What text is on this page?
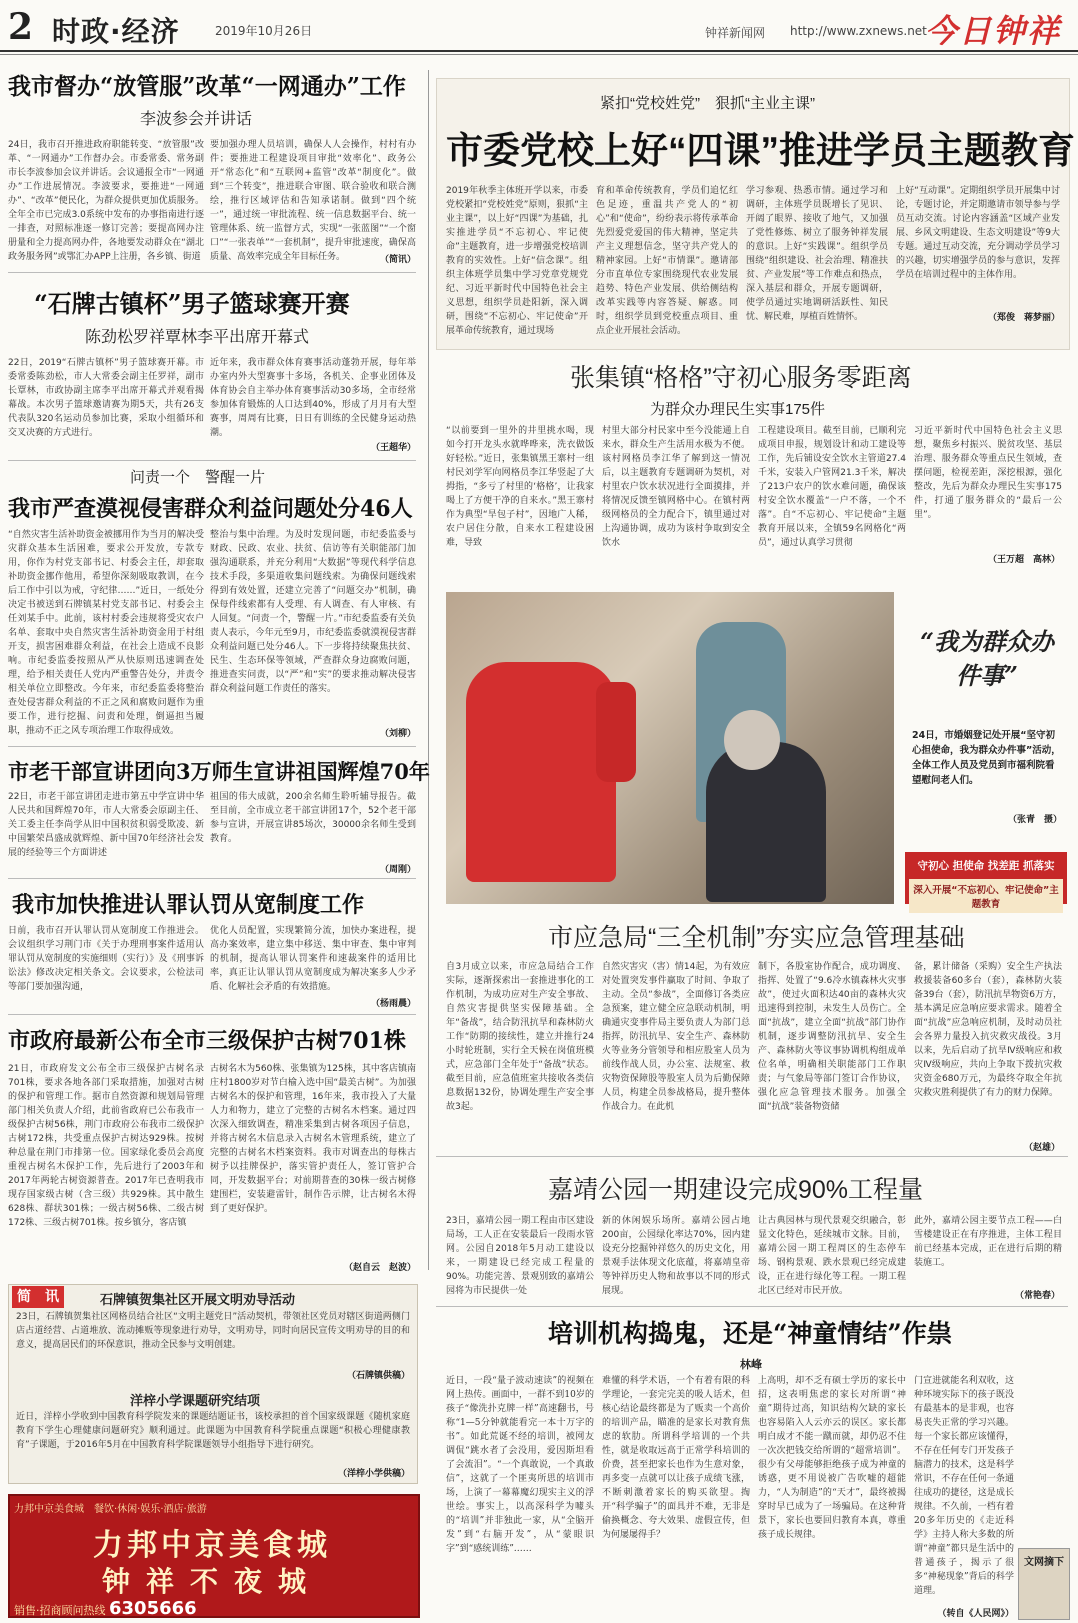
2 时政·经济	2019年10月26日	钟祥新闻网 http://www.zxnews.net
今日钟祥
我市督办“放管服”改革“一网通办”工作
李波参会并讲话
24日，我市召开推进政府职能转变、“放管服”改革、“一网通办”工作督办会。市委常委、常务副市长李波参加会议并讲话。会议通报全市“一网通办”工作进展情况。李波要求，要推进“一网通办”、“改革”便民化，为群众提供更加优质服务。全年全市已完成3.0系统中发布的办事指南进行逐一排查，对照标准逐一修订完善；要提高网办注册量和全力提高网办件，各地要发动群众在“湖北政务服务网”或鄂汇办APP上注册，各乡镇、街道
要加强办理人员培训，确保人人会操作，村村有办件；要推进工程建设项目审批“效率化”、政务公开“常态化”和“互联网+监管”改革“制度化”。做到“三个转变”，推进联合审图、联合验收和联合测绘，推行区域评估和告知承诺制。做到“四个统一”，通过统一审批流程、统一信息数据平台、统一管理体系、统一监督方式，实现“一张蓝图”“一个窗口”“一张表单”“一套机制”，提升审批速度，确保高质量、高效率完成全年目标任务。	（简讯）
“石牌古镇杯”男子篮球赛开赛
陈劲松罗祥覃林李平出席开幕式
22日，2019“石牌古镇杯”男子篮球赛开幕。市委常委陈劲松，市人大常委会副主任罗祥，副市长覃林，市政协副主席李平出席开幕式并观看揭幕战。本次男子篮球邀请赛为期5天，共有26支代表队320名运动员参加比赛，采取小组循环和交叉决赛的方式进行。
近年来，我市群众体育赛事活动蓬勃开展，每年举办室内外大型赛事十多场，各机关、企事业团体及体育协会自主举办体育赛事活动30多场，全市经常参加体育锻炼的人口达到40%，形成了月月有大型赛事，周周有比赛，日日有训练的全民健身运动热潮。
（王超华）
问责一个　警醒一片
我市严查漠视侵害群众利益问题处分46人
“自然灾害生活补助资金被挪用作为当月的解决受灾群众基本生活困难，要求公开发放，专款专用，你作为村党支部书记、村委会主任，却套取补助资金挪作他用，希望你深刻吸取教训，在今后工作中引以为戒，守纪律……”近日，一纸处分决定书被送到石牌镇某村党支部书记、村委会主任刘某手中。此前，该村村委会违规将受灾农户名单、套取中央自然灾害生活补助资金用于村组开支，损害困难群众利益，在社会上造成不良影响。市纪委监委按照从严从快原则迅速调查处理，给予相关责任人党内严重警告处分，并责令相关单位立即整改。今年来，市纪委监委将整治查处侵害群众利益的不正之风和腐败问题作为重要工作，进行挖掘、问责和处理，倒逼担当履职，推动不正之风专项治理工作取得成效。
整治与集中治理。为及时发现问题，市纪委监委与财政、民政、农业、扶贫、信访等有关职能部门加强沟通联系，并充分利用“大数据”等现代科学信息技术手段，多渠道收集问题线索。为确保问题线索得到有效处置，还建立完善了“问题交办”机制，确保每件线索都有人受理、有人调查、有人审核、有人回复。“问责一个，警醒一片。”市纪委监委有关负责人表示，今年元至9月，市纪委监委就漠视侵害群众利益问题已处分46人。下一步将持续聚焦扶贫、民生、生态环保等领域，严查群众身边腐败问题，推进查实问责，以“严”和“实”的要求推动解决侵害群众利益问题工作责任的落实。
（刘柳）
市老干部宣讲团向3万师生宣讲祖国辉煌70年
22日，市老干部宣讲团走进市第五中学宣讲中华人民共和国辉煌70年，市人大常委会原副主任、关工委主任李尚学从旧中国积贫积弱受欺凌、新中国繁荣昌盛成就辉煌、新中国70年经济社会发展的经验等三个方面讲述
祖国的伟大成就，200余名师生聆听辅导报告。截至目前，全市成立老干部宣讲团17个，52个老干部参与宣讲，开展宣讲85场次，30000余名师生受到教育。
（周刚）
我市加快推进认罪认罚从宽制度工作
日前，我市召开认罪认罚从宽制度工作推进会。会议组织学习荆门市《关于办理刑事案件适用认罪认罚从宽制度的实施细则（实行）》及《刑事诉讼法》修改决定相关条文。会议要求，公检法司等部门要加强沟通，
优化人员配置，实现繁简分流，加快办案进程，提高办案效率，建立集中移送、集中审查、集中审判的机制，提高认罪认罚案件和速裁案件的适用比率，真正让认罪认罚从宽制度成为解决案多人少矛盾、化解社会矛盾的有效措施。
（杨雨晨）
市政府最新公布全市三级保护古树701株
21日，市政府发文公布全市三级保护古树名录701株，要求各地各部门采取措施，加强对古树的保护和管理工作。据市自然资源和规划局管理部门相关负责人介绍，此前省政府已公布我市一级保护古树56株，荆门市政府公布我市二级保护古树172株，共受重点保护古树达929株。按树种总量在荆门市排第一位。国家绿化委员会高度重视古树名木保护工作，先后进行了2003年和2017年两轮古树资源普查。2017年已查明我市现存国家级古树（含三级）共929株。其中散生628株、群状301株；一级古树56株、二级古树172株、三级古树701株。按乡镇分，客店镇
古树名木为560株、张集镇为125株，其中客店镇南庄村1800岁对节白榆入选中国“最美古树”。为加强古树名木的保护和管理，16年来，我市投入了大量人力和物力，建立了完整的古树名木档案。通过四次深入细致调查，精准采集到古树各项因子信息，并将古树名木信息录入古树名木管理系统，建立了完整的古树名木档案资料。我市对调查出的每株古树予以挂牌保护，落实管护责任人，签订管护合同，开发数据平台；对前期普查的30株一级古树修建围栏，安装避雷针，制作告示牌，让古树名木得到了更好保护。
（赵自云　赵波）
简　讯	石牌镇贺集社区开展文明劝导活动
23日，石牌镇贺集社区网格员结合社区“文明主题党日”活动契机，带领社区党员对辖区街道两侧门店占道经营、占道堆放、流动摊贩等现象进行劝导，文明劝导，同时向居民宣传文明劝导的目的和意义，提高居民们的环保意识，推动全民参与文明创建。
（石牌镇供稿）
洋梓小学课题研究结项
近日，洋梓小学收到中国教育科学院发来的课题结题证书，该校承担的首个国家级课题《随机家庭教育下学生心理健康问题研究》顺利通过。此课题为中国教育科学院重点课题“积极心理健康教育”子课题，于2016年5月在中国教育科学院课题领导小组指导下进行研究。
（洋梓小学供稿）
力邦中京美食城　餐饮·休闲·娱乐·酒店·旅游
力邦中京美食城
钟祥不夜城
销售·招商顾问热线 6305666
紧扣“党校姓党”　狠抓“主业主课”
市委党校上好“四课”推进学员主题教育
2019年秋季主体班开学以来，市委党校紧扣“党校姓党”原则，狠抓“主业主课”，以上好“四课”为基础，扎实推进学员“不忘初心、牢记使命”主题教育，进一步增强党校培训教育的实效性。上好“信念课”。组织主体班学员集中学习党章党规党纪、习近平新时代中国特色社会主义思想，组织学员赴阳新，深入调研，围绕“不忘初心、牢记使命”开展革命传统教育，通过现场
育和革命传统教育，学员们追忆红色足迹，重温共产党人的“初心”和“使命”，纷纷表示将传承革命先烈爱党爱国的伟大精神，坚定共产主义理想信念，坚守共产党人的精神家园。上好“市情课”。邀请部分市直单位专家围绕现代农业发展趋势、特色产业发展、供给侧结构改革实践等内容答疑、解惑。同时，组织学员到党校重点项目、重点企业开展社会活动。
学习参观、热悉市情。通过学习和调研，主体班学员既增长了见识、开阔了眼界、接收了地气，又加强了党性修炼、树立了服务钟祥发展的意识。上好“实践课”。组织学员围绕“组织建设、社会治理、精准扶贫、产业发展”等工作难点和热点，深入基层和群众，开展专题调研，使学员通过实地调研活跃性、知民忧、解民难，厚植百姓情怀。
上好“互动课”。定期组织学员开展集中讨论，专题讨论，并定期邀请市领导参与学员互动交流。讨论内容涵盖“区域产业发展、乡风文明建设、生态文明建设”等9大专题。通过互动交流，充分调动学员学习的兴趣，切实增强学员的参与意识，发挥学员在培训过程中的主体作用。
（郑俊　蒋梦丽）
张集镇“格格”守初心服务零距离
为群众办理民生实事175件
“以前要到一里外的井里挑水喝，现如今打开龙头水就哗哗来，洗衣做饭好轻松。”近日，张集镇黑王寨村一组村民刘学军向网格员李江华竖起了大拇指，“多亏了村里的‘格格’，让我家喝上了方便干净的自来水。”黑王寨村作为典型“旱包子村”，因地广人稀，农户居住分散，自来水工程建设困难，导致
村里大部分村民家中至今没能通上自来水，群众生产生活用水极为不便。该村网格员李江华了解到这一情况后，以主题教育专题调研为契机，对村里农户饮水状况进行全面摸排，并将情况反馈至镇网格中心。在镇村两级网格员的全力配合下，镇里通过对上沟通协调，成功为该村争取到安全饮水
工程建设项目。截至目前，已顺利完成项目申报，规划设计和动工建设等工作，先后铺设安全饮水主管道27.4千米，安装入户管网21.3千米，解决了213户农户的饮水难问题，确保该村安全饮水覆盖“一户不落，一个不落”。自“不忘初心、牢记使命”主题教育开展以来，全镇59名网格化“两员”，通过认真学习贯彻
习近平新时代中国特色社会主义思想，聚焦乡村振兴、脱贫攻坚、基层治理、服务群众等重点民生领域，查摆问题，检视差距，深挖根源，强化整改，先后为群众办理民生实事175件，打通了服务群众的“最后一公里”。
（王万超　高林）
“我为群众办件事”
24日，市婚姻登记处开展“坚守初心担使命，我为群众办件事”活动，全体工作人员及党员到市福利院看望慰问老人们。
（张青　摄）
守初心 担使命 找差距 抓落实
深入开展“不忘初心、牢记使命”主题教育
市应急局“三全机制”夯实应急管理基础
自3月成立以来，市应急局结合工作实际，逐渐探索出一套推进事化的工作机制，为成功应对生产安全事故、自然灾害提供坚实保障基础。全年“备战”，结合防汛抗旱和森林防火工作“防期的接续性，建立并推行24小时轮班制，实行全天候在岗值班模式，应急部门全年处于“备战”状态。截至目前，应急值班室共接收各类信息数据132份，协调处理生产安全事故3起。
自然灾害灾（害）情14起，为有效应对处置突发事件赢取了时间、争取了主动。全员“参战”，全面修订各类应急预案，建立健全应急联动机制，明确通灾变事件局主要负责人为部门总指挥，防汛抗旱、安全生产、森林防火等业务分管领导和相应股室人员为前线作战人员，办公室、法规室、救灾物资保障股等股室人员为后勤保障人员，构建全员参战格局，提升整体作战合力。在此机
制下，各股室协作配合，成功调度、指挥、处置了“9.6冷水镇森林火灾事故”，使过火面积达40亩的森林火灾迅速得到控制，未发生人员伤亡。全面“抗战”，建立全面“抗战”部门协作机制，逐步调整防汛抗旱、安全生产、森林防火等议事协调机构组成单位名单，明确相关职能部门工作职责；与气象局等部门签订合作协议，强化应急管理技术服务。加强全面“抗战”装备物资储
备，累计储备（采购）安全生产执法救援装备60多台（套），森林防火装备39台（套），防汛抗旱物资6万方，基本满足应急响应要求需求。随着全面“抗战”应急响应机制，及时动员社会各界力量投入抗灾救灾战役。3月以来，先后启动了抗旱Ⅳ级响应和救灾Ⅳ级响应，共向上争取下拨抗灾救灾资金680万元，为最终夺取全年抗灾救灾胜利提供了有力的财力保障。
（赵雄）
嘉靖公园一期建设完成90%工程量
23日，嘉靖公园一期工程由市区建设局场，工人正在安装最后一段雨水管网。公园自2018年5月动工建设以来，一期建设已经完成工程量的90%。功能完善、景观别致的嘉靖公园将为市民提供一处
新的休闲娱乐场所。嘉靖公园占地200亩，公园绿化率达70%，园内建设充分挖掘钟祥悠久的历史文化，用景观手法体现文化底蕴，将嘉靖皇帝等钟祥历史人物和故事以不同的形式展现。
让古典园林与现代景观交织融合，彰显文化特色，延续城市文脉。目前，嘉靖公园一期工程周区的生态停车场、钢构景观、跌水景观已经完成建设，正在进行绿化等工程。一期工程北区已经对市民开放。
此外，嘉靖公园主要节点工程——白雪楼建设正在有序推进，主体工程目前已经基本完成，正在进行后期的精装施工。
（常艳春）
培训机构捣鬼，还是“神童情结”作祟
林峰
近日，一段“量子波动速读”的视频在网上热传。画面中，一群不到10岁的孩子“像洗扑克牌一样”高速翻书，号称“1—5分钟就能看完一本十万字的书”。如此荒诞不经的培训，被网友调侃“跳水者了会没用，爱因斯坦看了会流泪”。“一个真敢说，一个真敢信”，这就了一个匪夷所思的培训市场，上演了一幕幕魔幻现实主义的浮世绘。事实上，以高深科学为噱头的“培训”并非独此一家，从“全脑开发”到“右脑开发”，从“蒙眼识字”到“感统训练”……
难懂的科学术语，一个有着有限的科学理论，一套完完美的吸人话术，但核心结论最终都是为了贩卖一个高价的培训产品，瞄准的是家长对教育焦虑的软肋。所谓科学培训的一个共性，就是收取远高于正常学科培训的价费，甚至把家长也作为生意对象，再多变一点就可以让孩子成绩飞涨，不断刺激着家长的购买欲望。掏开“科学骗子”的面具并不难，无非是偷换概念、夸大效果、虚假宣传，但为何屡屡得手？
上高明，却不乏有硕士学历的家长中招，这表明焦虑的家长对所谓“神童”期待过高，知识结构欠缺的家长也容易陷入人云亦云的误区。家长都明白成才不能一蹴而就，却仍忍不住一次次把钱交给所谓的“超常培训”。很少有父母能够拒绝孩子成为神童的诱惑，更不用说被广告吹嘘的超能力，“人为制造”的“天才”，最终被揭穿时早已成为了一场骗局。在这种背景下，家长也要回归教育本真，尊重孩子成长规律。
门宣进就能名利双收，这种环境实际下的孩子既没有最基本的是非观，也容易丧失正常的学习兴趣。每一个家长都应该懂得，不存在任何专门开发孩子脑潜力的技术，这是科学常识，不存在任何一条通往成功的捷径，这是成长规律。不久前，一档有着20多年历史的《走近科学》主持人称大多数的所谓“神童”都只是生活中的普通孩子，揭示了很多“神秘现象”背后的科学道理。
（转自《人民网》）
文网摘下
